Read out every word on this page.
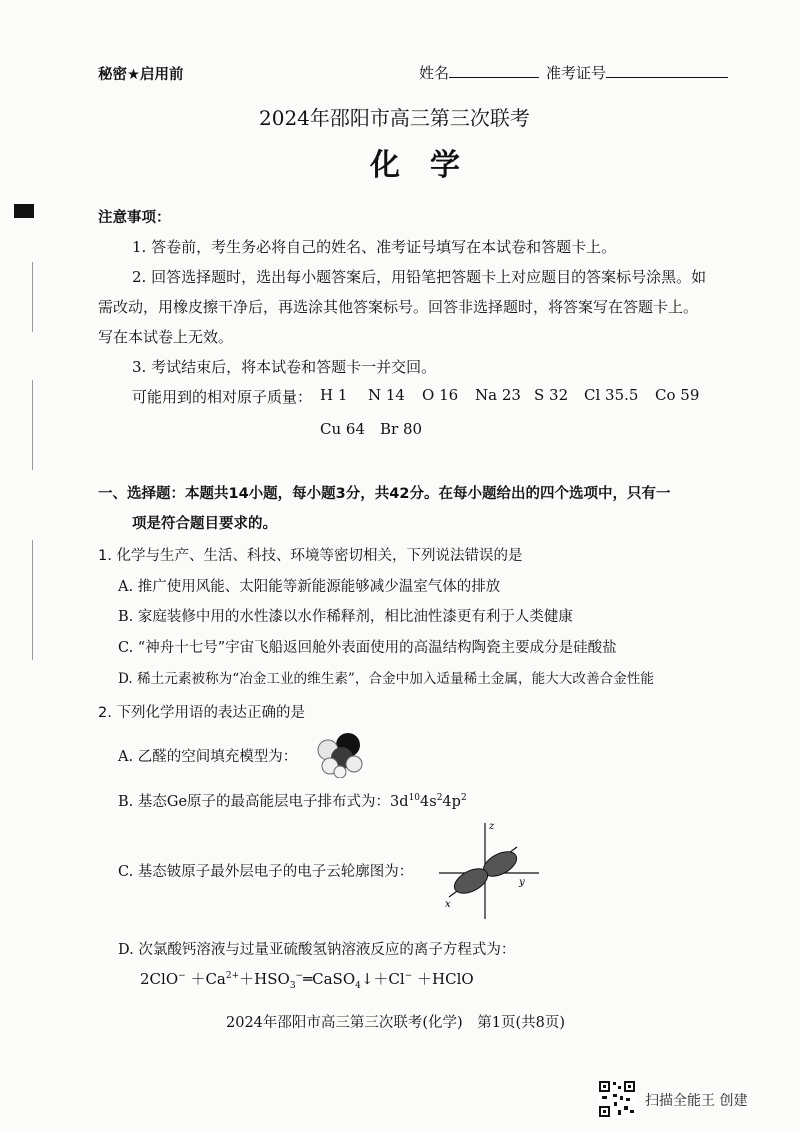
秘密★启用前	姓名	准考证号
2024年邵阳市高三第三次联考
化　学
注意事项：
1. 答卷前，考生务必将自己的姓名、准考证号填写在本试卷和答题卡上。
2. 回答选择题时，选出每小题答案后，用铅笔把答题卡上对应题目的答案标号涂黑。如
需改动，用橡皮擦干净后，再选涂其他答案标号。回答非选择题时，将答案写在答题卡上。
写在本试卷上无效。
3. 考试结束后，将本试卷和答题卡一并交回。
可能用到的相对原子质量： H 1 N 14 O 16 Na 23 S 32 Cl 35.5 Co 59
Cu 64 Br 80
一、选择题：本题共14小题，每小题3分，共42分。在每小题给出的四个选项中，只有一
项是符合题目要求的。
1. 化学与生产、生活、科技、环境等密切相关，下列说法错误的是
A. 推广使用风能、太阳能等新能源能够减少温室气体的排放
B. 家庭装修中用的水性漆以水作稀释剂，相比油性漆更有利于人类健康
C. “神舟十七号”宇宙飞船返回舱外表面使用的高温结构陶瓷主要成分是硅酸盐
D. 稀土元素被称为“冶金工业的维生素”，合金中加入适量稀土金属，能大大改善合金性能
2. 下列化学用语的表达正确的是
A. 乙醛的空间填充模型为：
B. 基态Ge原子的最高能层电子排布式为：$3d^{10}4s^24p^2$
C. 基态铍原子最外层电子的电子云轮廓图为：
z
y
x
D. 次氯酸钙溶液与过量亚硫酸氢钠溶液反应的离子方程式为：
$2ClO^- +Ca^{2+}+HSO_3^-═CaSO_4↓+Cl^-$ ＋HClO
2024年邵阳市高三第三次联考(化学)　第1页(共8页)
扫描全能王 创建
